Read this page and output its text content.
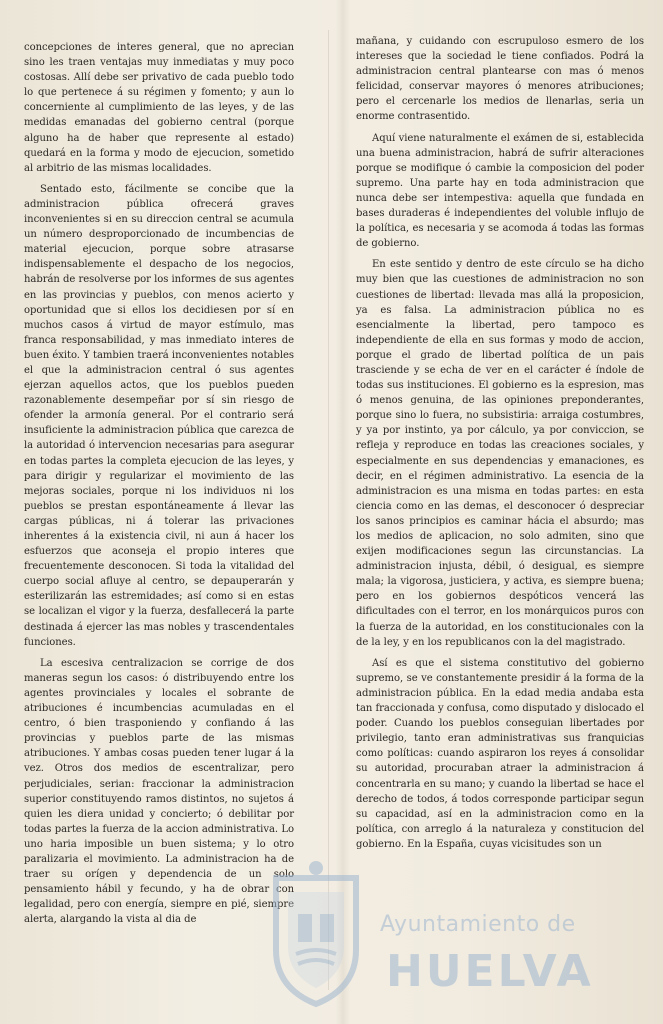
concepciones de interes general, que no aprecian sino les traen ventajas muy inmediatas y muy poco costosas. Allí debe ser privativo de cada pueblo todo lo que pertenece á su régimen y fomento; y aun lo concerniente al cumplimiento de las leyes, y de las medidas emanadas del gobierno central (porque alguno ha de haber que represente al estado) quedará en la forma y modo de ejecucion, sometido al arbitrio de las mismas localidades.

Sentado esto, fácilmente se concibe que la administracion pública ofrecerá graves inconvenientes si en su direccion central se acumula un número desproporcionado de incumbencias de material ejecucion, porque sobre atrasarse indispensablemente el despacho de los negocios, habrán de resolverse por los informes de sus agentes en las provincias y pueblos, con menos acierto y oportunidad que si ellos los decidiesen por sí en muchos casos á virtud de mayor estímulo, mas franca responsabilidad, y mas inmediato interes de buen éxito. Y tambien traerá inconvenientes notables el que la administracion central ó sus agentes ejerzan aquellos actos, que los pueblos pueden razonablemente desempeñar por sí sin riesgo de ofender la armonía general. Por el contrario será insuficiente la administracion pública que carezca de la autoridad ó intervencion necesarias para asegurar en todas partes la completa ejecucion de las leyes, y para dirigir y regularizar el movimiento de las mejoras sociales, porque ni los individuos ni los pueblos se prestan espontáneamente á llevar las cargas públicas, ni á tolerar las privaciones inherentes á la existencia civil, ni aun á hacer los esfuerzos que aconseja el propio interes que frecuentemente desconocen. Si toda la vitalidad del cuerpo social afluye al centro, se depauperarán y esterilizarán las estremidades; así como si en estas se localizan el vigor y la fuerza, desfallecerá la parte destinada á ejercer las mas nobles y trascendentales funciones.

La escesiva centralizacion se corrige de dos maneras segun los casos: ó distribuyendo entre los agentes provinciales y locales el sobrante de atribuciones é incumbencias acumuladas en el centro, ó bien trasponiendo y confiando á las provincias y pueblos parte de las mismas atribuciones. Y ambas cosas pueden tener lugar á la vez. Otros dos medios de escentralizar, pero perjudiciales, serian: fraccionar la administracion superior constituyendo ramos distintos, no sujetos á quien les diera unidad y concierto; ó debilitar por todas partes la fuerza de la accion administrativa. Lo uno haria imposible un buen sistema; y lo otro paralizaria el movimiento. La administracion ha de traer su orígen y dependencia de un solo pensamiento hábil y fecundo, y ha de obrar con legalidad, pero con energía, siempre en pié, siempre alerta, alargando la vista al dia de

mañana, y cuidando con escrupuloso esmero de los intereses que la sociedad le tiene confiados. Podrá la administracion central plantearse con mas ó menos felicidad, conservar mayores ó menores atribuciones; pero el cercenarle los medios de llenarlas, seria un enorme contrasentido.

Aquí viene naturalmente el exámen de si, establecida una buena administracion, habrá de sufrir alteraciones porque se modifique ó cambie la composicion del poder supremo. Una parte hay en toda administracion que nunca debe ser intempestiva: aquella que fundada en bases duraderas é independientes del voluble influjo de la política, es necesaria y se acomoda á todas las formas de gobierno.

En este sentido y dentro de este círculo se ha dicho muy bien que las cuestiones de administracion no son cuestiones de libertad: llevada mas allá la proposicion, ya es falsa. La administracion pública no es esencialmente la libertad, pero tampoco es independiente de ella en sus formas y modo de accion, porque el grado de libertad política de un pais trasciende y se echa de ver en el carácter é índole de todas sus instituciones. El gobierno es la espresion, mas ó menos genuina, de las opiniones preponderantes, porque sino lo fuera, no subsistiria: arraiga costumbres, y ya por instinto, ya por cálculo, ya por conviccion, se refleja y reproduce en todas las creaciones sociales, y especialmente en sus dependencias y emanaciones, es decir, en el régimen administrativo. La esencia de la administracion es una misma en todas partes: en esta ciencia como en las demas, el desconocer ó despreciar los sanos principios es caminar hácia el absurdo; mas los medios de aplicacion, no solo admiten, sino que exijen modificaciones segun las circunstancias. La administracion injusta, débil, ó desigual, es siempre mala; la vigorosa, justiciera, y activa, es siempre buena; pero en los gobiernos despóticos vencerá las dificultades con el terror, en los monárquicos puros con la fuerza de la autoridad, en los constitucionales con la de la ley, y en los republicanos con la del magistrado.

Así es que el sistema constitutivo del gobierno supremo, se ve constantemente presidir á la forma de la administracion pública. En la edad media andaba esta tan fraccionada y confusa, como disputado y dislocado el poder. Cuando los pueblos conseguian libertades por privilegio, tanto eran administrativas sus franquicias como políticas: cuando aspiraron los reyes á consolidar su autoridad, procuraban atraer la administracion á concentrarla en su mano; y cuando la libertad se hace el derecho de todos, á todos corresponde participar segun su capacidad, así en la administracion como en la política, con arreglo á la naturaleza y constitucion del gobierno. En la España, cuyas vicisitudes son un

Ayuntamiento de
HUELVA
